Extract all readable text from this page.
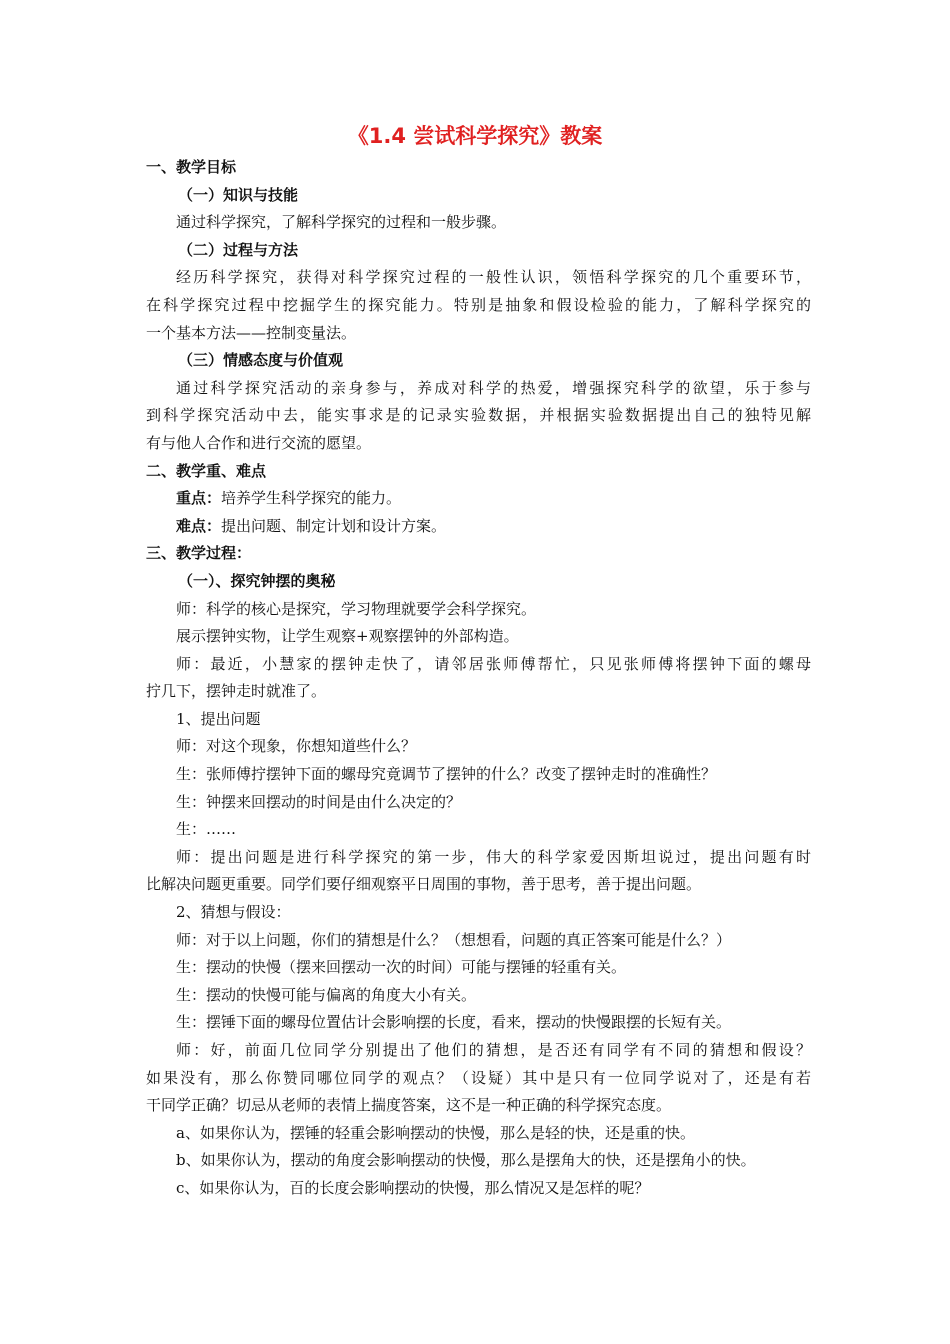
《1.4 尝试科学探究》教案
一、教学目标
（一）知识与技能
通过科学探究，了解科学探究的过程和一般步骤。
（二）过程与方法
经历科学探究，获得对科学探究过程的一般性认识，领悟科学探究的几个重要环节，
在科学探究过程中挖掘学生的探究能力。特别是抽象和假设检验的能力，了解科学探究的
一个基本方法——控制变量法。
（三）情感态度与价值观
通过科学探究活动的亲身参与，养成对科学的热爱，增强探究科学的欲望，乐于参与
到科学探究活动中去，能实事求是的记录实验数据，并根据实验数据提出自己的独特见解
有与他人合作和进行交流的愿望。
二、教学重、难点
重点：培养学生科学探究的能力。
难点：提出问题、制定计划和设计方案。
三、教学过程：
（一）、探究钟摆的奥秘
师：科学的核心是探究，学习物理就要学会科学探究。
展示摆钟实物，让学生观察+观察摆钟的外部构造。
师：最近，小慧家的摆钟走快了，请邻居张师傅帮忙，只见张师傅将摆钟下面的螺母
拧几下，摆钟走时就准了。
1、提出问题
师：对这个现象，你想知道些什么？
生：张师傅拧摆钟下面的螺母究竟调节了摆钟的什么？改变了摆钟走时的准确性？
生：钟摆来回摆动的时间是由什么决定的？
生：……
师：提出问题是进行科学探究的第一步，伟大的科学家爱因斯坦说过，提出问题有时
比解决问题更重要。同学们要仔细观察平日周围的事物，善于思考，善于提出问题。
2、猜想与假设：
师：对于以上问题，你们的猜想是什么？（想想看，问题的真正答案可能是什么？）
生：摆动的快慢（摆来回摆动一次的时间）可能与摆锤的轻重有关。
生：摆动的快慢可能与偏离的角度大小有关。
生：摆锤下面的螺母位置估计会影响摆的长度，看来，摆动的快慢跟摆的长短有关。
师：好，前面几位同学分别提出了他们的猜想，是否还有同学有不同的猜想和假设？
如果没有，那么你赞同哪位同学的观点？（设疑）其中是只有一位同学说对了，还是有若
干同学正确？切忌从老师的表情上揣度答案，这不是一种正确的科学探究态度。
a、如果你认为，摆锤的轻重会影响摆动的快慢，那么是轻的快，还是重的快。
b、如果你认为，摆动的角度会影响摆动的快慢，那么是摆角大的快，还是摆角小的快。
c、如果你认为，百的长度会影响摆动的快慢，那么情况又是怎样的呢？
